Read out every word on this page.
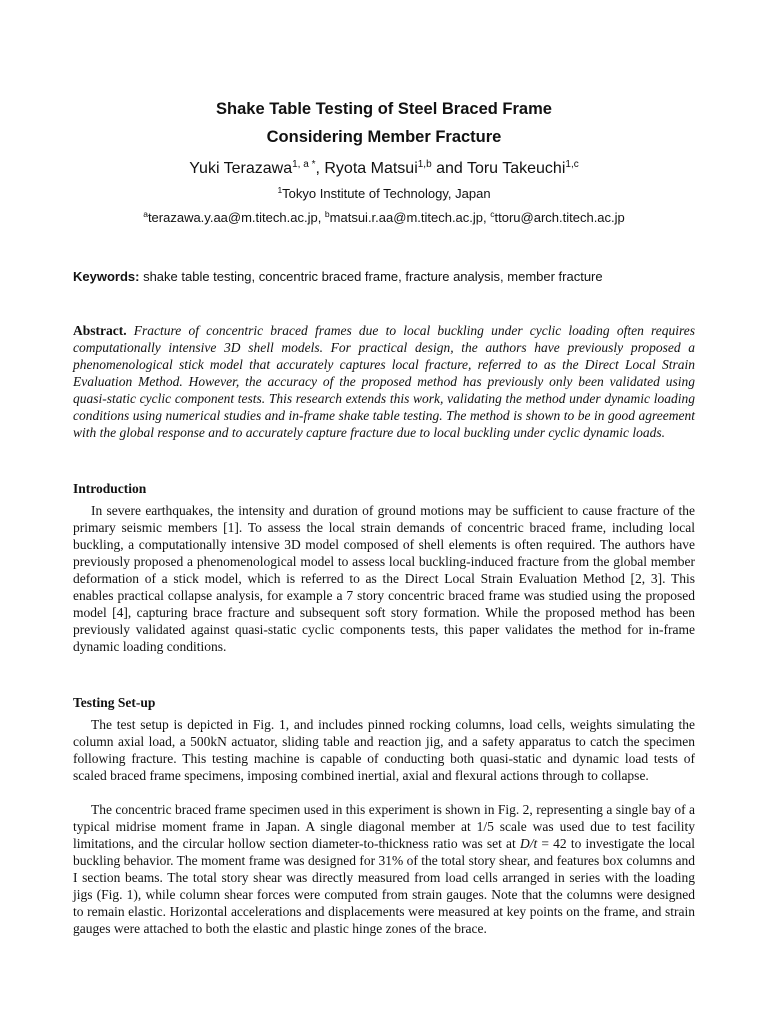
Shake Table Testing of Steel Braced Frame
Considering Member Fracture
Yuki Terazawa$^{1, a *}$, Ryota Matsui$^{1,b}$ and Toru Takeuchi$^{1,c}$
$^1$Tokyo Institute of Technology, Japan
$^a$terazawa.y.aa@m.titech.ac.jp, $^b$matsui.r.aa@m.titech.ac.jp, $^c$ttoru@arch.titech.ac.jp
Keywords: shake table testing, concentric braced frame, fracture analysis, member fracture

Abstract. Fracture of concentric braced frames due to local buckling under cyclic loading often requires computationally intensive 3D shell models. For practical design, the authors have previously proposed a phenomenological stick model that accurately captures local fracture, referred to as the Direct Local Strain Evaluation Method. However, the accuracy of the proposed method has previously only been validated using quasi-static cyclic component tests. This research extends this work, validating the method under dynamic loading conditions using numerical studies and in-frame shake table testing. The method is shown to be in good agreement with the global response and to accurately capture fracture due to local buckling under cyclic dynamic loads.

Introduction

In severe earthquakes, the intensity and duration of ground motions may be sufficient to cause fracture of the primary seismic members [1]. To assess the local strain demands of concentric braced frame, including local buckling, a computationally intensive 3D model composed of shell elements is often required. The authors have previously proposed a phenomenological model to assess local buckling-induced fracture from the global member deformation of a stick model, which is referred to as the Direct Local Strain Evaluation Method [2, 3]. This enables practical collapse analysis, for example a 7 story concentric braced frame was studied using the proposed model [4], capturing brace fracture and subsequent soft story formation. While the proposed method has been previously validated against quasi-static cyclic components tests, this paper validates the method for in-frame dynamic loading conditions.

Testing Set-up

The test setup is depicted in Fig. 1, and includes pinned rocking columns, load cells, weights simulating the column axial load, a 500kN actuator, sliding table and reaction jig, and a safety apparatus to catch the specimen following fracture. This testing machine is capable of conducting both quasi-static and dynamic load tests of scaled braced frame specimens, imposing combined inertial, axial and flexural actions through to collapse.

The concentric braced frame specimen used in this experiment is shown in Fig. 2, representing a single bay of a typical midrise moment frame in Japan. A single diagonal member at 1/5 scale was used due to test facility limitations, and the circular hollow section diameter-to-thickness ratio was set at D/t = 42 to investigate the local buckling behavior. The moment frame was designed for 31% of the total story shear, and features box columns and I section beams. The total story shear was directly measured from load cells arranged in series with the loading jigs (Fig. 1), while column shear forces were computed from strain gauges. Note that the columns were designed to remain elastic. Horizontal accelerations and displacements were measured at key points on the frame, and strain gauges were attached to both the elastic and plastic hinge zones of the brace.
